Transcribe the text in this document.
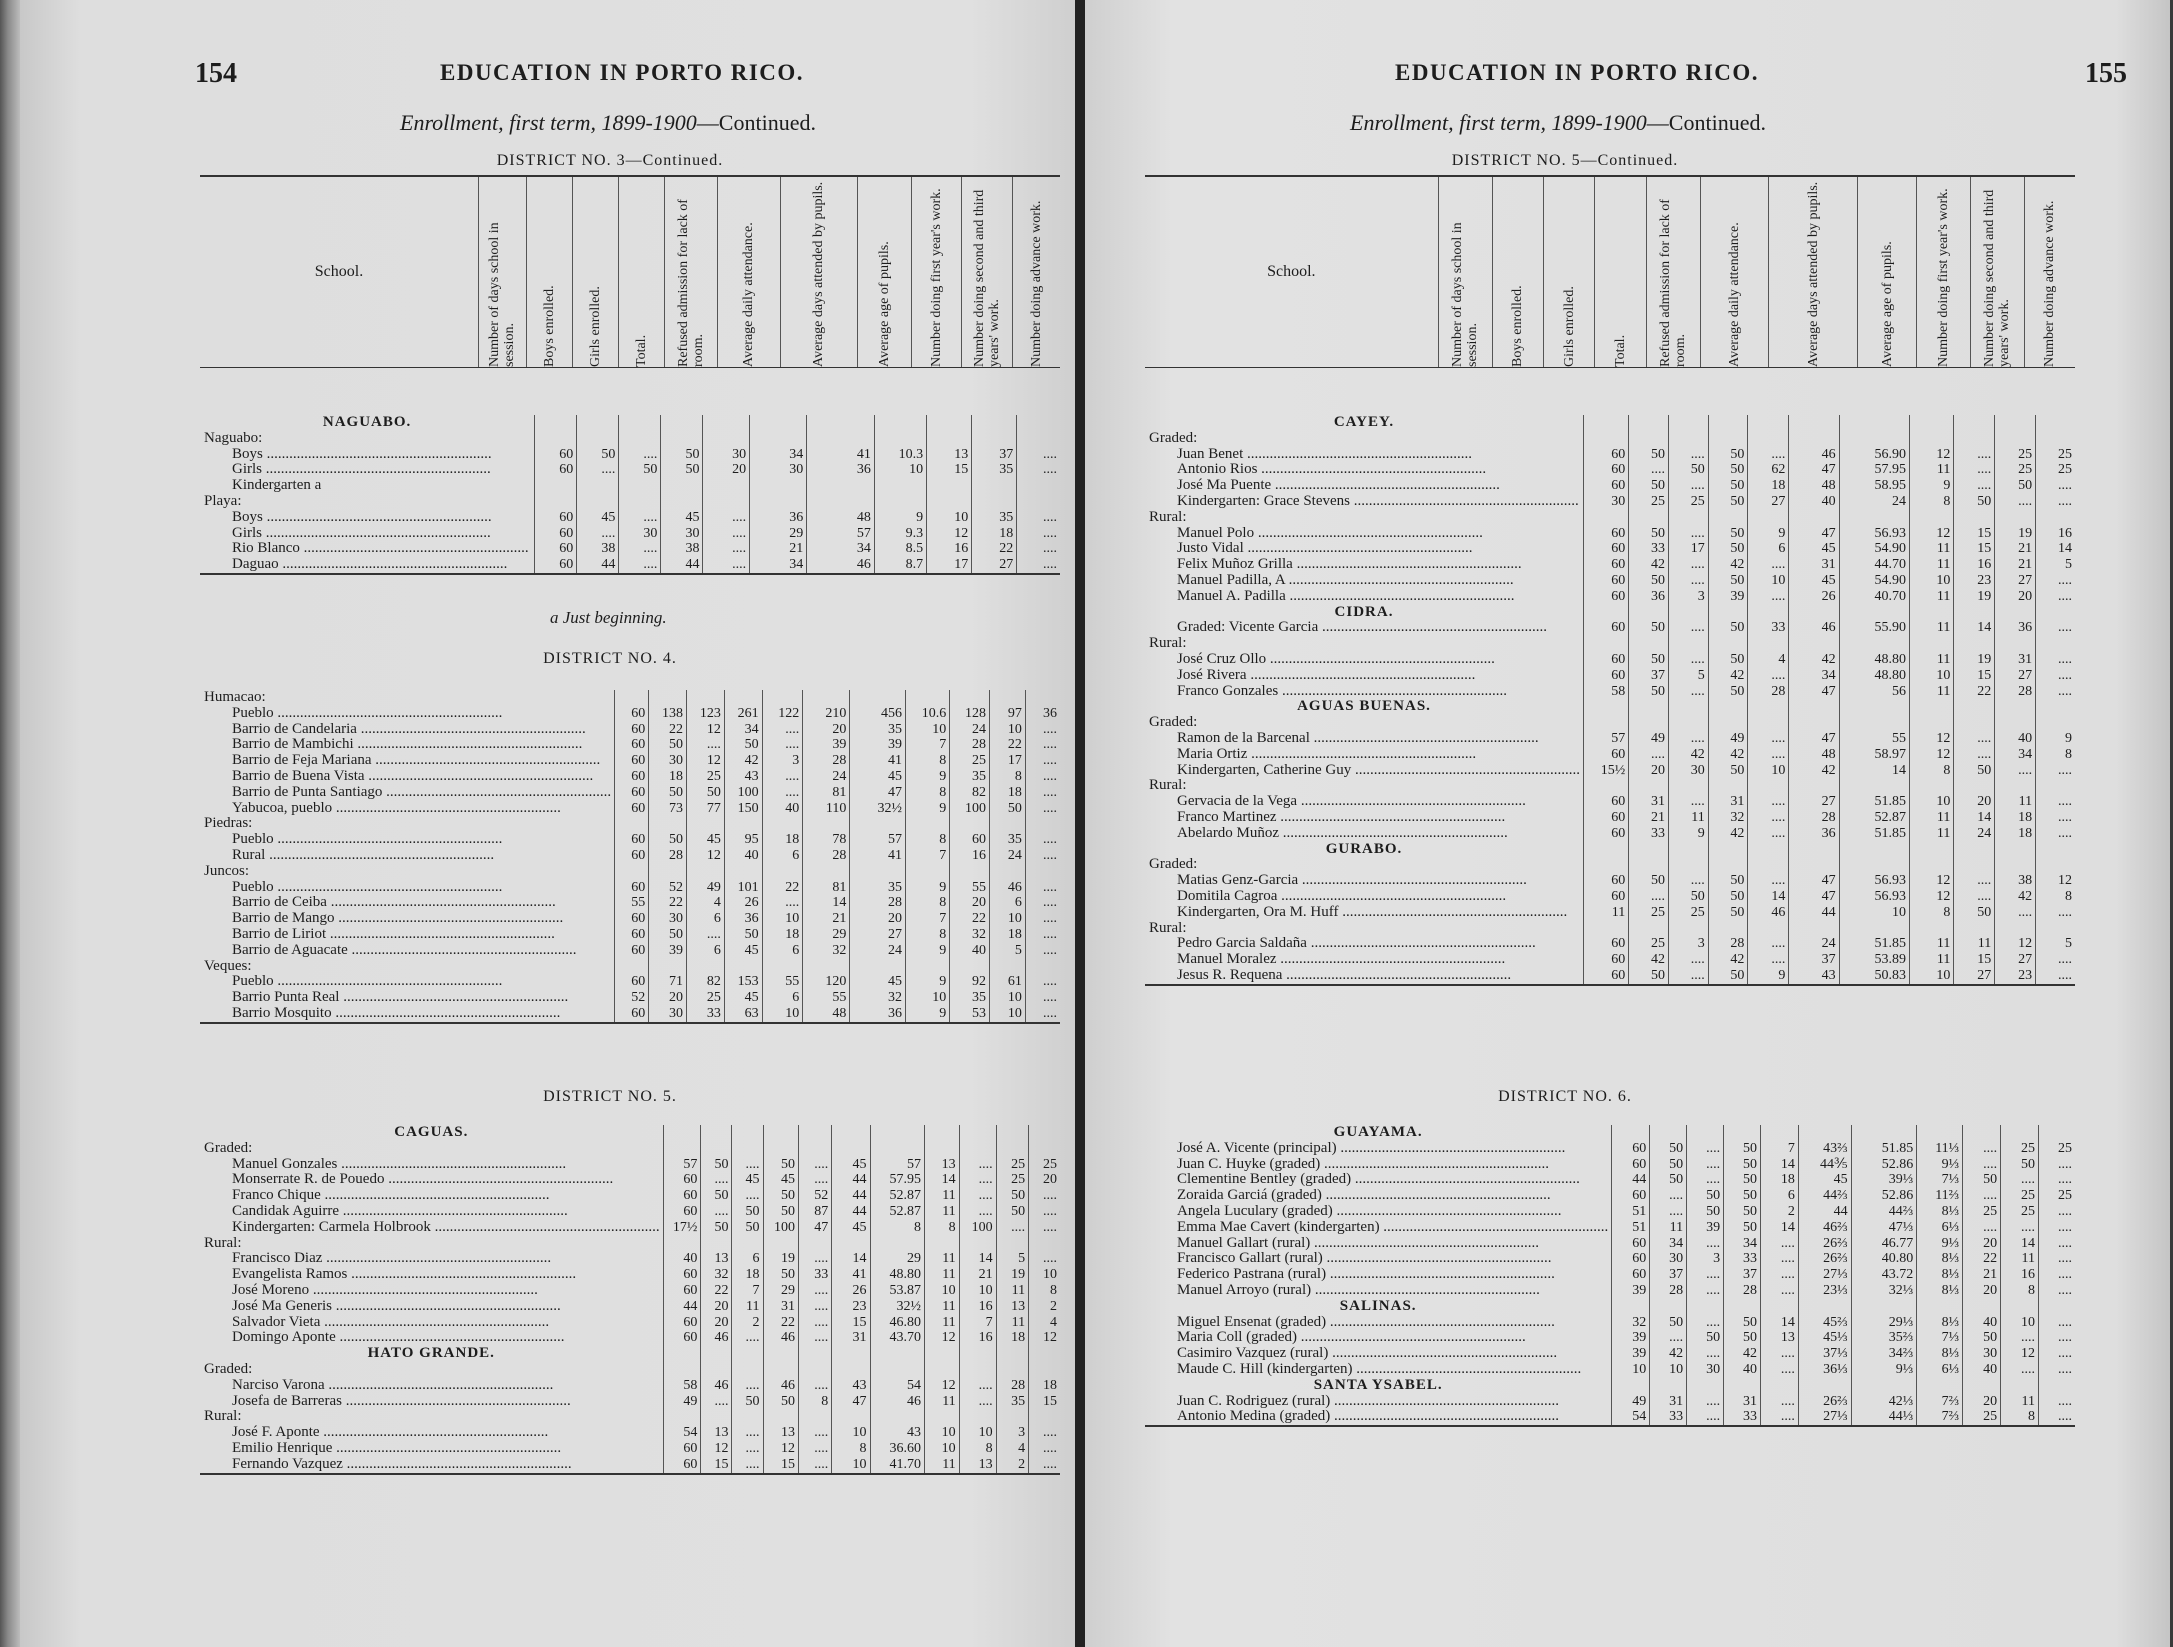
154	EDUCATION IN PORTO RICO.
Enrollment, first term, 1899-1900—Continued.
DISTRICT NO. 3—Continued.
School.	Number of days school in session.	Boys enrolled.	Girls enrolled.	Total.	Refused admission for lack of room.	Average daily attendance.	Average days attended by pupils.	Average age of pupils.	Number doing first year's work.	Number doing second and third years' work.	Number doing advance work.
NAGUABO.											
Naguabo:											
Boys ............................................................	60	50	....	50	30	34	41	10.3	13	37	....
Girls ............................................................	60	....	50	50	20	30	36	10	15	35	....
Kindergarten a											
Playa:											
Boys ............................................................	60	45	....	45	....	36	48	9	10	35	....
Girls ............................................................	60	....	30	30	....	29	57	9.3	12	18	....
Rio Blanco ............................................................	60	38	....	38	....	21	34	8.5	16	22	....
Daguao ............................................................	60	44	....	44	....	34	46	8.7	17	27	....
a Just beginning.
DISTRICT NO. 4.
Humacao:											
Pueblo ............................................................	60	138	123	261	122	210	456	10.6	128	97	36
Barrio de Candelaria ............................................................	60	22	12	34	....	20	35	10	24	10	....
Barrio de Mambichi ............................................................	60	50	....	50	....	39	39	7	28	22	....
Barrio de Feja Mariana ............................................................	60	30	12	42	3	28	41	8	25	17	....
Barrio de Buena Vista ............................................................	60	18	25	43	....	24	45	9	35	8	....
Barrio de Punta Santiago ............................................................	60	50	50	100	....	81	47	8	82	18	....
Yabucoa, pueblo ............................................................	60	73	77	150	40	110	32½	9	100	50	....
Piedras:											
Pueblo ............................................................	60	50	45	95	18	78	57	8	60	35	....
Rural ............................................................	60	28	12	40	6	28	41	7	16	24	....
Juncos:											
Pueblo ............................................................	60	52	49	101	22	81	35	9	55	46	....
Barrio de Ceiba ............................................................	55	22	4	26	....	14	28	8	20	6	....
Barrio de Mango ............................................................	60	30	6	36	10	21	20	7	22	10	....
Barrio de Liriot ............................................................	60	50	....	50	18	29	27	8	32	18	....
Barrio de Aguacate ............................................................	60	39	6	45	6	32	24	9	40	5	....
Veques:											
Pueblo ............................................................	60	71	82	153	55	120	45	9	92	61	....
Barrio Punta Real ............................................................	52	20	25	45	6	55	32	10	35	10	....
Barrio Mosquito ............................................................	60	30	33	63	10	48	36	9	53	10	....
DISTRICT NO. 5.
CAGUAS.											
Graded:											
Manuel Gonzales ............................................................	57	50	....	50	....	45	57	13	....	25	25
Monserrate R. de Pouedo ............................................................	60	....	45	45	....	44	57.95	14	....	25	20
Franco Chique ............................................................	60	50	....	50	52	44	52.87	11	....	50	....
Candidak Aguirre ............................................................	60	....	50	50	87	44	52.87	11	....	50	....
Kindergarten: Carmela Holbrook ............................................................	17½	50	50	100	47	45	8	8	100	....	....
Rural:											
Francisco Diaz ............................................................	40	13	6	19	....	14	29	11	14	5	....
Evangelista Ramos ............................................................	60	32	18	50	33	41	48.80	11	21	19	10
José Moreno ............................................................	60	22	7	29	....	26	53.87	10	10	11	8
José Ma Generis ............................................................	44	20	11	31	....	23	32½	11	16	13	2
Salvador Vieta ............................................................	60	20	2	22	....	15	46.80	11	7	11	4
Domingo Aponte ............................................................	60	46	....	46	....	31	43.70	12	16	18	12
HATO GRANDE.											
Graded:											
Narciso Varona ............................................................	58	46	....	46	....	43	54	12	....	28	18
Josefa de Barreras ............................................................	49	....	50	50	8	47	46	11	....	35	15
Rural:											
José F. Aponte ............................................................	54	13	....	13	....	10	43	10	10	3	....
Emilio Henrique ............................................................	60	12	....	12	....	8	36.60	10	8	4	....
Fernando Vazquez ............................................................	60	15	....	15	....	10	41.70	11	13	2	....
EDUCATION IN PORTO RICO.	155
Enrollment, first term, 1899-1900—Continued.
DISTRICT NO. 5—Continued.
School.	Number of days school in session.	Boys enrolled.	Girls enrolled.	Total.	Refused admission for lack of room.	Average daily attendance.	Average days attended by pupils.	Average age of pupils.	Number doing first year's work.	Number doing second and third years' work.	Number doing advance work.
CAYEY.											
Graded:											
Juan Benet ............................................................	60	50	....	50	....	46	56.90	12	....	25	25
Antonio Rios ............................................................	60	....	50	50	62	47	57.95	11	....	25	25
José Ma Puente ............................................................	60	50	....	50	18	48	58.95	9	....	50	....
Kindergarten: Grace Stevens ............................................................	30	25	25	50	27	40	24	8	50	....	....
Rural:											
Manuel Polo ............................................................	60	50	....	50	9	47	56.93	12	15	19	16
Justo Vidal ............................................................	60	33	17	50	6	45	54.90	11	15	21	14
Felix Muñoz Grilla ............................................................	60	42	....	42	....	31	44.70	11	16	21	5
Manuel Padilla, A ............................................................	60	50	....	50	10	45	54.90	10	23	27	....
Manuel A. Padilla ............................................................	60	36	3	39	....	26	40.70	11	19	20	....
CIDRA.											
Graded: Vicente Garcia ............................................................	60	50	....	50	33	46	55.90	11	14	36	....
Rural:											
José Cruz Ollo ............................................................	60	50	....	50	4	42	48.80	11	19	31	....
José Rivera ............................................................	60	37	5	42	....	34	48.80	10	15	27	....
Franco Gonzales ............................................................	58	50	....	50	28	47	56	11	22	28	....
AGUAS BUENAS.											
Graded:											
Ramon de la Barcenal ............................................................	57	49	....	49	....	47	55	12	....	40	9
Maria Ortiz ............................................................	60	....	42	42	....	48	58.97	12	....	34	8
Kindergarten, Catherine Guy ............................................................	15½	20	30	50	10	42	14	8	50	....	....
Rural:											
Gervacia de la Vega ............................................................	60	31	....	31	....	27	51.85	10	20	11	....
Franco Martinez ............................................................	60	21	11	32	....	28	52.87	11	14	18	....
Abelardo Muñoz ............................................................	60	33	9	42	....	36	51.85	11	24	18	....
GURABO.											
Graded:											
Matias Genz-Garcia ............................................................	60	50	....	50	....	47	56.93	12	....	38	12
Domitila Cagroa ............................................................	60	....	50	50	14	47	56.93	12	....	42	8
Kindergarten, Ora M. Huff ............................................................	11	25	25	50	46	44	10	8	50	....	....
Rural:											
Pedro Garcia Saldaña ............................................................	60	25	3	28	....	24	51.85	11	11	12	5
Manuel Moralez ............................................................	60	42	....	42	....	37	53.89	11	15	27	....
Jesus R. Requena ............................................................	60	50	....	50	9	43	50.83	10	27	23	....
DISTRICT NO. 6.
GUAYAMA.											
José A. Vicente (principal) ............................................................	60	50	....	50	7	43⅔	51.85	11⅓	....	25	25
Juan C. Huyke (graded) ............................................................	60	50	....	50	14	44⅗	52.86	9⅓	....	50	....
Clementine Bentley (graded) ............................................................	44	50	....	50	18	45	39⅓	7⅓	50	....	....
Zoraida Garciá (graded) ............................................................	60	....	50	50	6	44⅔	52.86	11⅔	....	25	25
Angela Luculary (graded) ............................................................	51	....	50	50	2	44	44⅔	8⅓	25	25	....
Emma Mae Cavert (kindergarten) ............................................................	51	11	39	50	14	46⅔	47⅓	6⅓	....	....	....
Manuel Gallart (rural) ............................................................	60	34	....	34	....	26⅔	46.77	9⅓	20	14	....
Francisco Gallart (rural) ............................................................	60	30	3	33	....	26⅔	40.80	8⅓	22	11	....
Federico Pastrana (rural) ............................................................	60	37	....	37	....	27⅓	43.72	8⅓	21	16	....
Manuel Arroyo (rural) ............................................................	39	28	....	28	....	23⅓	32⅓	8⅓	20	8	....
SALINAS.											
Miguel Ensenat (graded) ............................................................	32	50	....	50	14	45⅔	29⅓	8⅓	40	10	....
Maria Coll (graded) ............................................................	39	....	50	50	13	45⅓	35⅔	7⅓	50	....	....
Casimiro Vazquez (rural) ............................................................	39	42	....	42	....	37⅓	34⅔	8⅓	30	12	....
Maude C. Hill (kindergarten) ............................................................	10	10	30	40	....	36⅓	9⅓	6⅓	40	....	....
SANTA YSABEL.											
Juan C. Rodriguez (rural) ............................................................	49	31	....	31	....	26⅔	42⅓	7⅔	20	11	....
Antonio Medina (graded) ............................................................	54	33	....	33	....	27⅓	44⅓	7⅔	25	8	....
